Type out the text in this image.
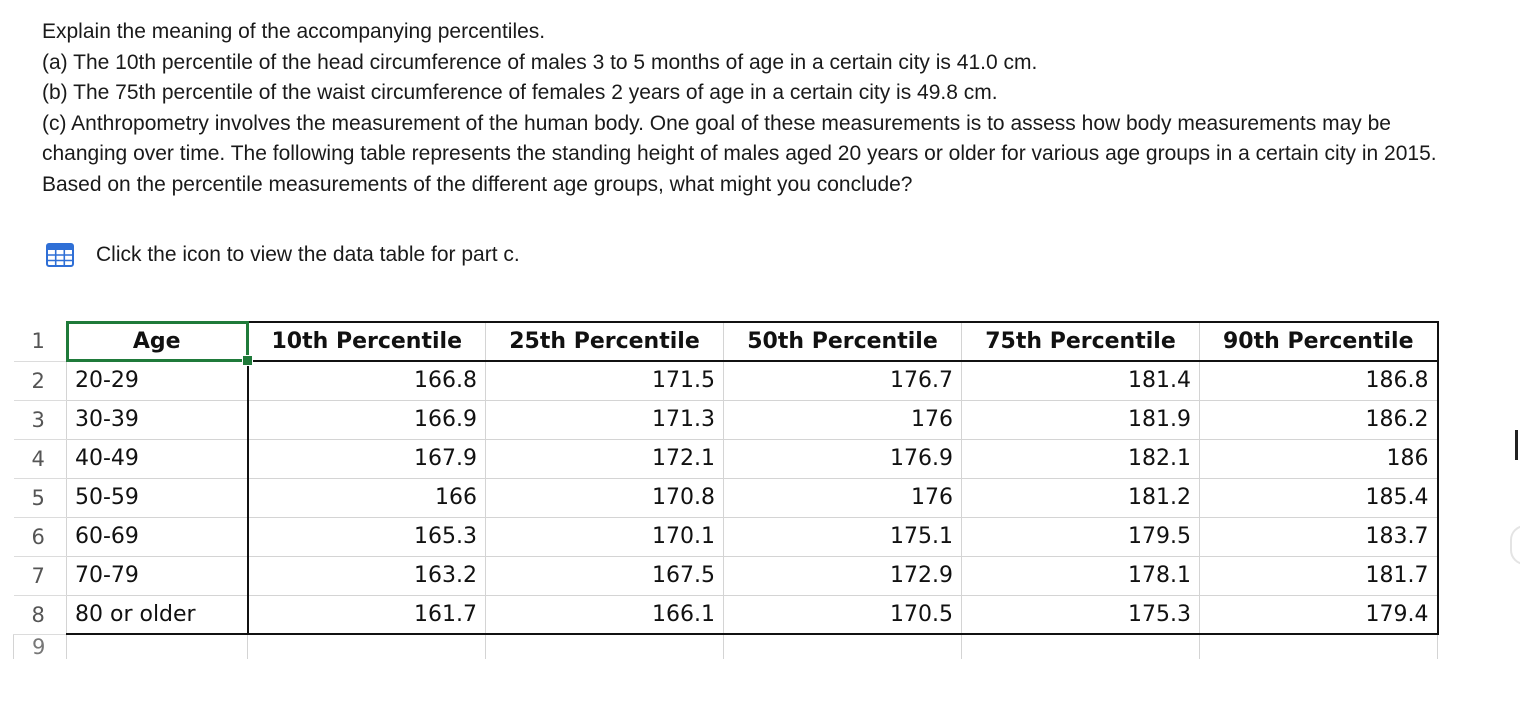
Explain the meaning of the accompanying percentiles.

(a) The 10th percentile of the head circumference of males 3 to 5 months of age in a certain city is 41.0 cm.

(b) The 75th percentile of the waist circumference of females 2 years of age in a certain city is 49.8 cm.

(c) Anthropometry involves the measurement of the human body. One goal of these measurements is to assess how body measurements may be changing over time. The following table represents the standing height of males aged 20 years or older for various age groups in a certain city in 2015. Based on the percentile measurements of the different age groups, what might you conclude?

Click the icon to view the data table for part c.
1	Age	10th Percentile	25th Percentile	50th Percentile	75th Percentile	90th Percentile
2	20-29	166.8	171.5	176.7	181.4	186.8
3	30-39	166.9	171.3	176	181.9	186.2
4	40-49	167.9	172.1	176.9	182.1	186
5	50-59	166	170.8	176	181.2	185.4
6	60-69	165.3	170.1	175.1	179.5	183.7
7	70-79	163.2	167.5	172.9	178.1	181.7
8	80 or older	161.7	166.1	170.5	175.3	179.4
9						
